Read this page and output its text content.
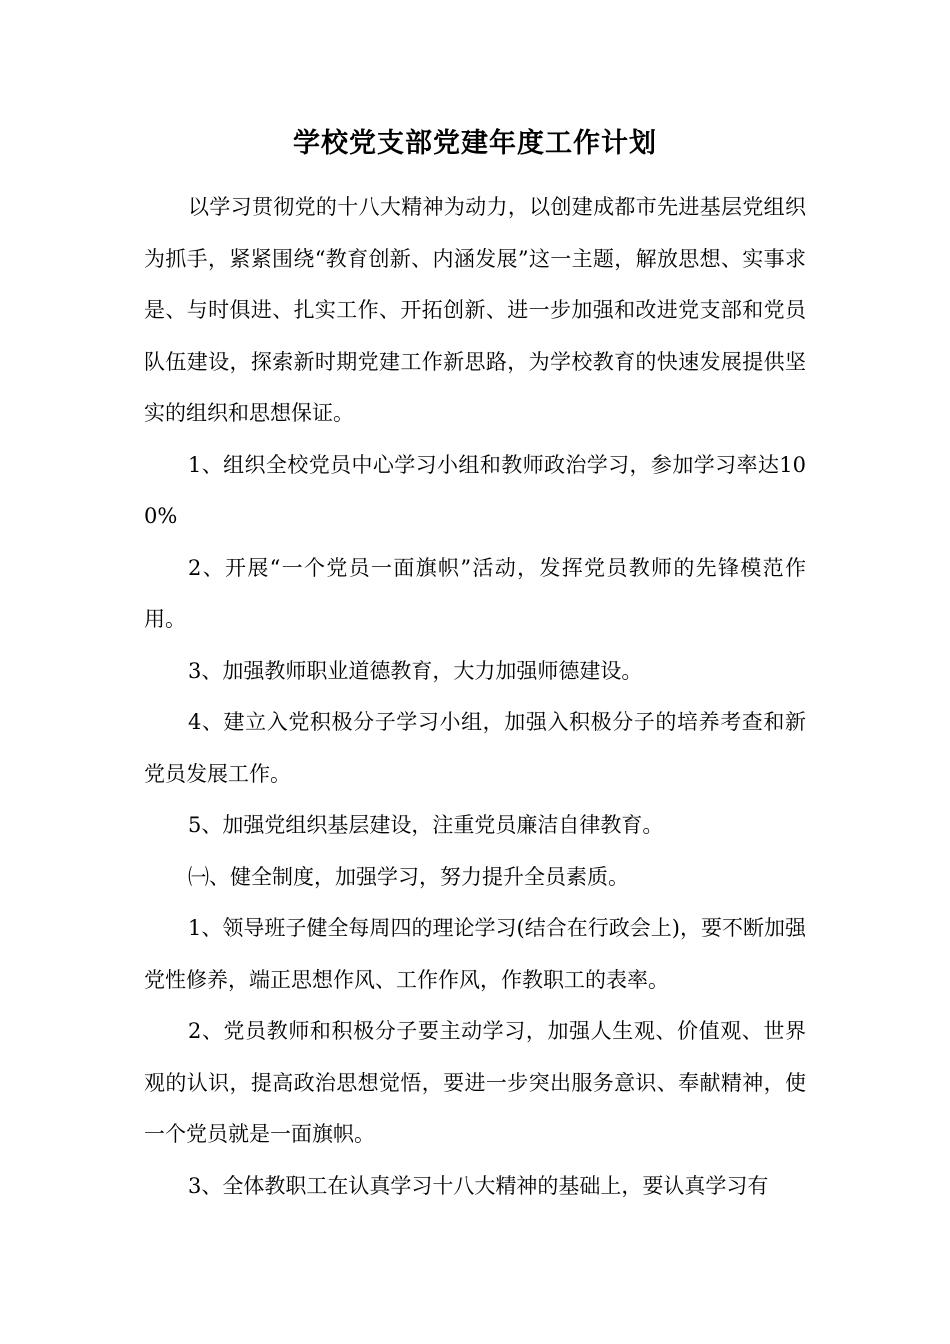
学校党支部党建年度工作计划

以学习贯彻党的十八大精神为动力，以创建成都市先进基层党组织为抓手，紧紧围绕“教育创新、内涵发展”这一主题，解放思想、实事求是、与时俱进、扎实工作、开拓创新、进一步加强和改进党支部和党员队伍建设，探索新时期党建工作新思路，为学校教育的快速发展提供坚实的组织和思想保证。

1、组织全校党员中心学习小组和教师政治学习，参加学习率达100%

2、开展“一个党员一面旗帜”活动，发挥党员教师的先锋模范作用。

3、加强教师职业道德教育，大力加强师德建设。

4、建立入党积极分子学习小组，加强入积极分子的培养考查和新党员发展工作。

5、加强党组织基层建设，注重党员廉洁自律教育。

㈠、健全制度，加强学习，努力提升全员素质。

1、领导班子健全每周四的理论学习(结合在行政会上)，要不断加强党性修养，端正思想作风、工作作风，作教职工的表率。

2、党员教师和积极分子要主动学习，加强人生观、价值观、世界观的认识，提高政治思想觉悟，要进一步突出服务意识、奉献精神，使一个党员就是一面旗帜。

3、全体教职工在认真学习十八大精神的基础上，要认真学习有
